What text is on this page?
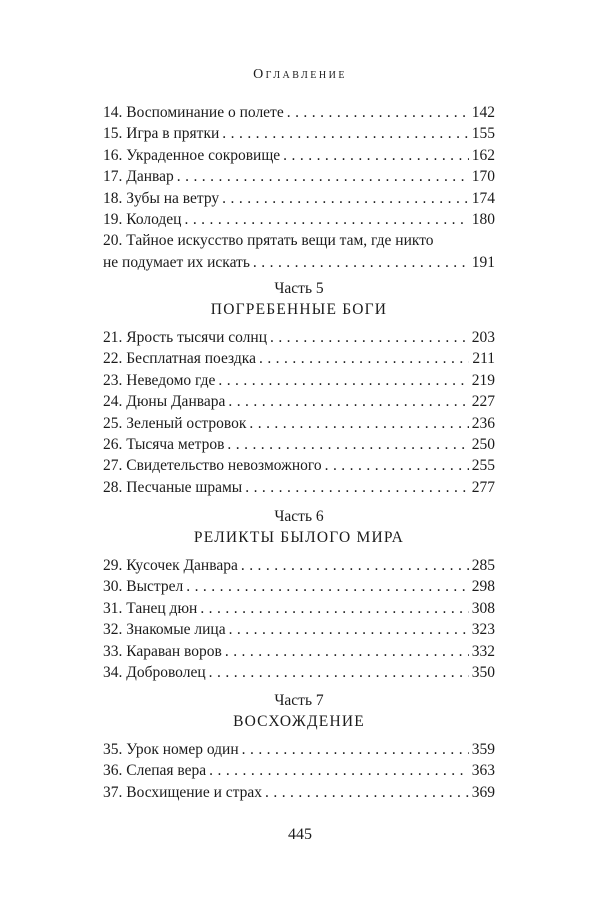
Оглавление
14. Воспоминание о полете . . .	142
15. Игра в прятки . . .	155
16. Украденное сокровище . . .	162
17. Данвар . . .	170
18. Зубы на ветру . . .	174
19. Колодец . . .	180
20. Тайное искусство прятать вещи там, где никто
не подумает их искать . . .	191
Часть 5
ПОГРЕБЕННЫЕ БОГИ
21. Ярость тысячи солнц . . .	203
22. Бесплатная поездка . . .	211
23. Неведомо где . . .	219
24. Дюны Данвара . . .	227
25. Зеленый островок . . .	236
26. Тысяча метров . . .	250
27. Свидетельство невозможного . . .	255
28. Песчаные шрамы . . .	277
Часть 6
РЕЛИКТЫ БЫЛОГО МИРА
29. Кусочек Данвара . . .	285
30. Выстрел . . .	298
31. Танец дюн . . .	308
32. Знакомые лица . . .	323
33. Караван воров . . .	332
34. Доброволец . . .	350
Часть 7
ВОСХОЖДЕНИЕ
35. Урок номер один . . .	359
36. Слепая вера . . .	363
37. Восхищение и страх . . .	369
445
